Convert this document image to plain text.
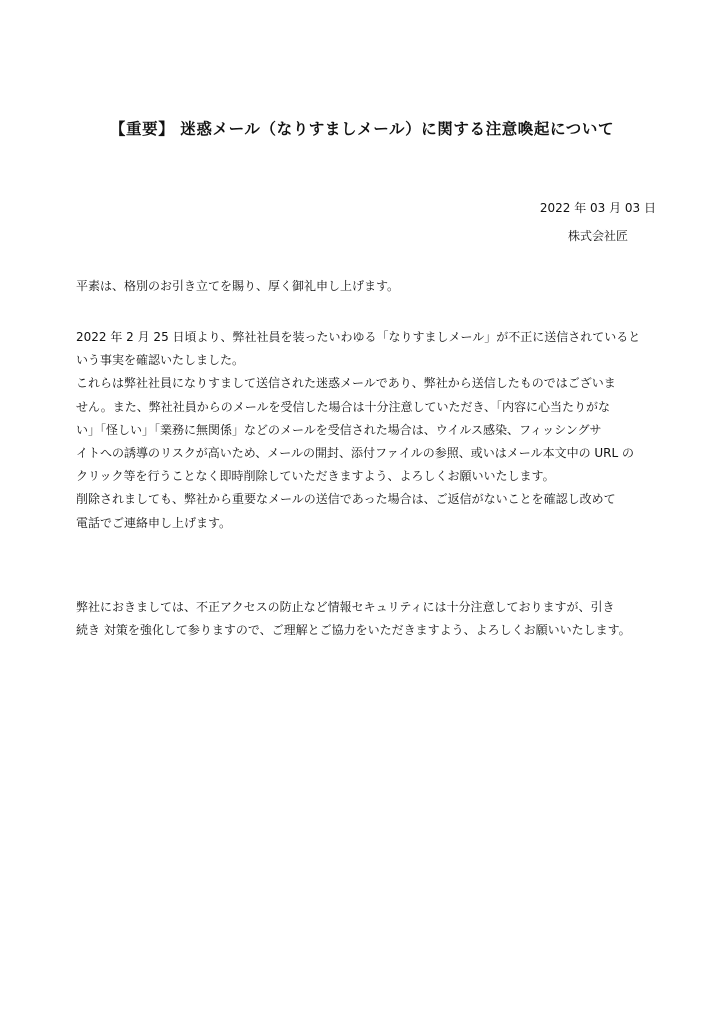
【重要】 迷惑メール（なりすましメール）に関する注意喚起について
2022 年 03 月 03 日
株式会社匠

平素は、格別のお引き立てを賜り、厚く御礼申し上げます。

2022 年 2 月 25 日頃より、弊社社員を装ったいわゆる「なりすましメール」が不正に送信されていると
いう事実を確認いたしました。

これらは弊社社員になりすまして送信された迷惑メールであり、弊社から送信したものではございま
せん。また、弊社社員からのメールを受信した場合は十分注意していただき、「内容に心当たりがな
い」「怪しい」「業務に無関係」などのメールを受信された場合は、ウイルス感染、フィッシングサ
イトへの誘導のリスクが高いため、メールの開封、添付ファイルの参照、或いはメール本文中の URL の
クリック等を行うことなく即時削除していただきますよう、よろしくお願いいたします。

削除されましても、弊社から重要なメールの送信であった場合は、ご返信がないことを確認し改めて
電話でご連絡申し上げます。

弊社におきましては、不正アクセスの防止など情報セキュリティには十分注意しておりますが、引き
続き 対策を強化して参りますので、ご理解とご協力をいただきますよう、よろしくお願いいたします。
